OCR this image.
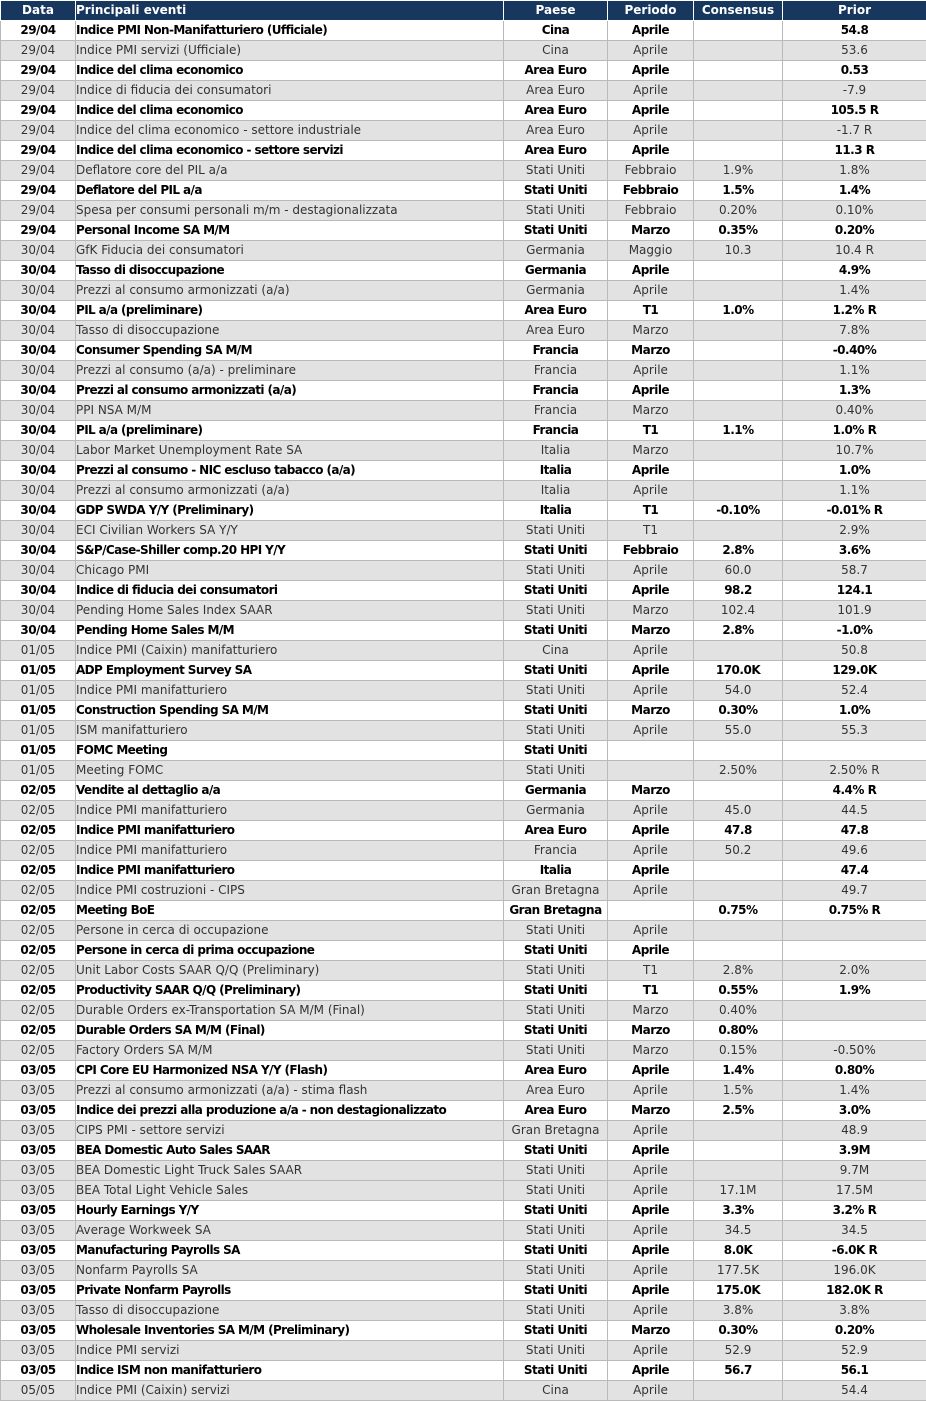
Data	Principali eventi	Paese	Periodo	Consensus	Prior
29/04	Indice PMI Non-Manifatturiero (Ufficiale)	Cina	Aprile		54.8
29/04	Indice PMI servizi (Ufficiale)	Cina	Aprile		53.6
29/04	Indice del clima economico	Area Euro	Aprile		0.53
29/04	Indice di fiducia dei consumatori	Area Euro	Aprile		-7.9
29/04	Indice del clima economico	Area Euro	Aprile		105.5 R
29/04	Indice del clima economico - settore industriale	Area Euro	Aprile		-1.7 R
29/04	Indice del clima economico - settore servizi	Area Euro	Aprile		11.3 R
29/04	Deflatore core del PIL a/a	Stati Uniti	Febbraio	1.9%	1.8%
29/04	Deflatore del PIL a/a	Stati Uniti	Febbraio	1.5%	1.4%
29/04	Spesa per consumi personali m/m - destagionalizzata	Stati Uniti	Febbraio	0.20%	0.10%
29/04	Personal Income SA M/M	Stati Uniti	Marzo	0.35%	0.20%
30/04	GfK Fiducia dei consumatori	Germania	Maggio	10.3	10.4 R
30/04	Tasso di disoccupazione	Germania	Aprile		4.9%
30/04	Prezzi al consumo armonizzati (a/a)	Germania	Aprile		1.4%
30/04	PIL a/a (preliminare)	Area Euro	T1	1.0%	1.2% R
30/04	Tasso di disoccupazione	Area Euro	Marzo		7.8%
30/04	Consumer Spending SA M/M	Francia	Marzo		-0.40%
30/04	Prezzi al consumo (a/a) - preliminare	Francia	Aprile		1.1%
30/04	Prezzi al consumo armonizzati (a/a)	Francia	Aprile		1.3%
30/04	PPI NSA M/M	Francia	Marzo		0.40%
30/04	PIL a/a (preliminare)	Francia	T1	1.1%	1.0% R
30/04	Labor Market Unemployment Rate SA	Italia	Marzo		10.7%
30/04	Prezzi al consumo - NIC escluso tabacco (a/a)	Italia	Aprile		1.0%
30/04	Prezzi al consumo armonizzati (a/a)	Italia	Aprile		1.1%
30/04	GDP SWDA Y/Y (Preliminary)	Italia	T1	-0.10%	-0.01% R
30/04	ECI Civilian Workers SA Y/Y	Stati Uniti	T1		2.9%
30/04	S&P/Case-Shiller comp.20 HPI Y/Y	Stati Uniti	Febbraio	2.8%	3.6%
30/04	Chicago PMI	Stati Uniti	Aprile	60.0	58.7
30/04	Indice di fiducia dei consumatori	Stati Uniti	Aprile	98.2	124.1
30/04	Pending Home Sales Index SAAR	Stati Uniti	Marzo	102.4	101.9
30/04	Pending Home Sales M/M	Stati Uniti	Marzo	2.8%	-1.0%
01/05	Indice PMI (Caixin) manifatturiero	Cina	Aprile		50.8
01/05	ADP Employment Survey SA	Stati Uniti	Aprile	170.0K	129.0K
01/05	Indice PMI manifatturiero	Stati Uniti	Aprile	54.0	52.4
01/05	Construction Spending SA M/M	Stati Uniti	Marzo	0.30%	1.0%
01/05	ISM manifatturiero	Stati Uniti	Aprile	55.0	55.3
01/05	FOMC Meeting	Stati Uniti			
01/05	Meeting FOMC	Stati Uniti		2.50%	2.50% R
02/05	Vendite al dettaglio a/a	Germania	Marzo		4.4% R
02/05	Indice PMI manifatturiero	Germania	Aprile	45.0	44.5
02/05	Indice PMI manifatturiero	Area Euro	Aprile	47.8	47.8
02/05	Indice PMI manifatturiero	Francia	Aprile	50.2	49.6
02/05	Indice PMI manifatturiero	Italia	Aprile		47.4
02/05	Indice PMI costruzioni - CIPS	Gran Bretagna	Aprile		49.7
02/05	Meeting BoE	Gran Bretagna		0.75%	0.75% R
02/05	Persone in cerca di occupazione	Stati Uniti	Aprile		
02/05	Persone in cerca di prima occupazione	Stati Uniti	Aprile		
02/05	Unit Labor Costs SAAR Q/Q (Preliminary)	Stati Uniti	T1	2.8%	2.0%
02/05	Productivity SAAR Q/Q (Preliminary)	Stati Uniti	T1	0.55%	1.9%
02/05	Durable Orders ex-Transportation SA M/M (Final)	Stati Uniti	Marzo	0.40%	
02/05	Durable Orders SA M/M (Final)	Stati Uniti	Marzo	0.80%	
02/05	Factory Orders SA M/M	Stati Uniti	Marzo	0.15%	-0.50%
03/05	CPI Core EU Harmonized NSA Y/Y (Flash)	Area Euro	Aprile	1.4%	0.80%
03/05	Prezzi al consumo armonizzati (a/a) - stima flash	Area Euro	Aprile	1.5%	1.4%
03/05	Indice dei prezzi alla produzione a/a - non destagionalizzato	Area Euro	Marzo	2.5%	3.0%
03/05	CIPS PMI - settore servizi	Gran Bretagna	Aprile		48.9
03/05	BEA Domestic Auto Sales SAAR	Stati Uniti	Aprile		3.9M
03/05	BEA Domestic Light Truck Sales SAAR	Stati Uniti	Aprile		9.7M
03/05	BEA Total Light Vehicle Sales	Stati Uniti	Aprile	17.1M	17.5M
03/05	Hourly Earnings Y/Y	Stati Uniti	Aprile	3.3%	3.2% R
03/05	Average Workweek SA	Stati Uniti	Aprile	34.5	34.5
03/05	Manufacturing Payrolls SA	Stati Uniti	Aprile	8.0K	-6.0K R
03/05	Nonfarm Payrolls SA	Stati Uniti	Aprile	177.5K	196.0K
03/05	Private Nonfarm Payrolls	Stati Uniti	Aprile	175.0K	182.0K R
03/05	Tasso di disoccupazione	Stati Uniti	Aprile	3.8%	3.8%
03/05	Wholesale Inventories SA M/M (Preliminary)	Stati Uniti	Marzo	0.30%	0.20%
03/05	Indice PMI servizi	Stati Uniti	Aprile	52.9	52.9
03/05	Indice ISM non manifatturiero	Stati Uniti	Aprile	56.7	56.1
05/05	Indice PMI (Caixin) servizi	Cina	Aprile		54.4
